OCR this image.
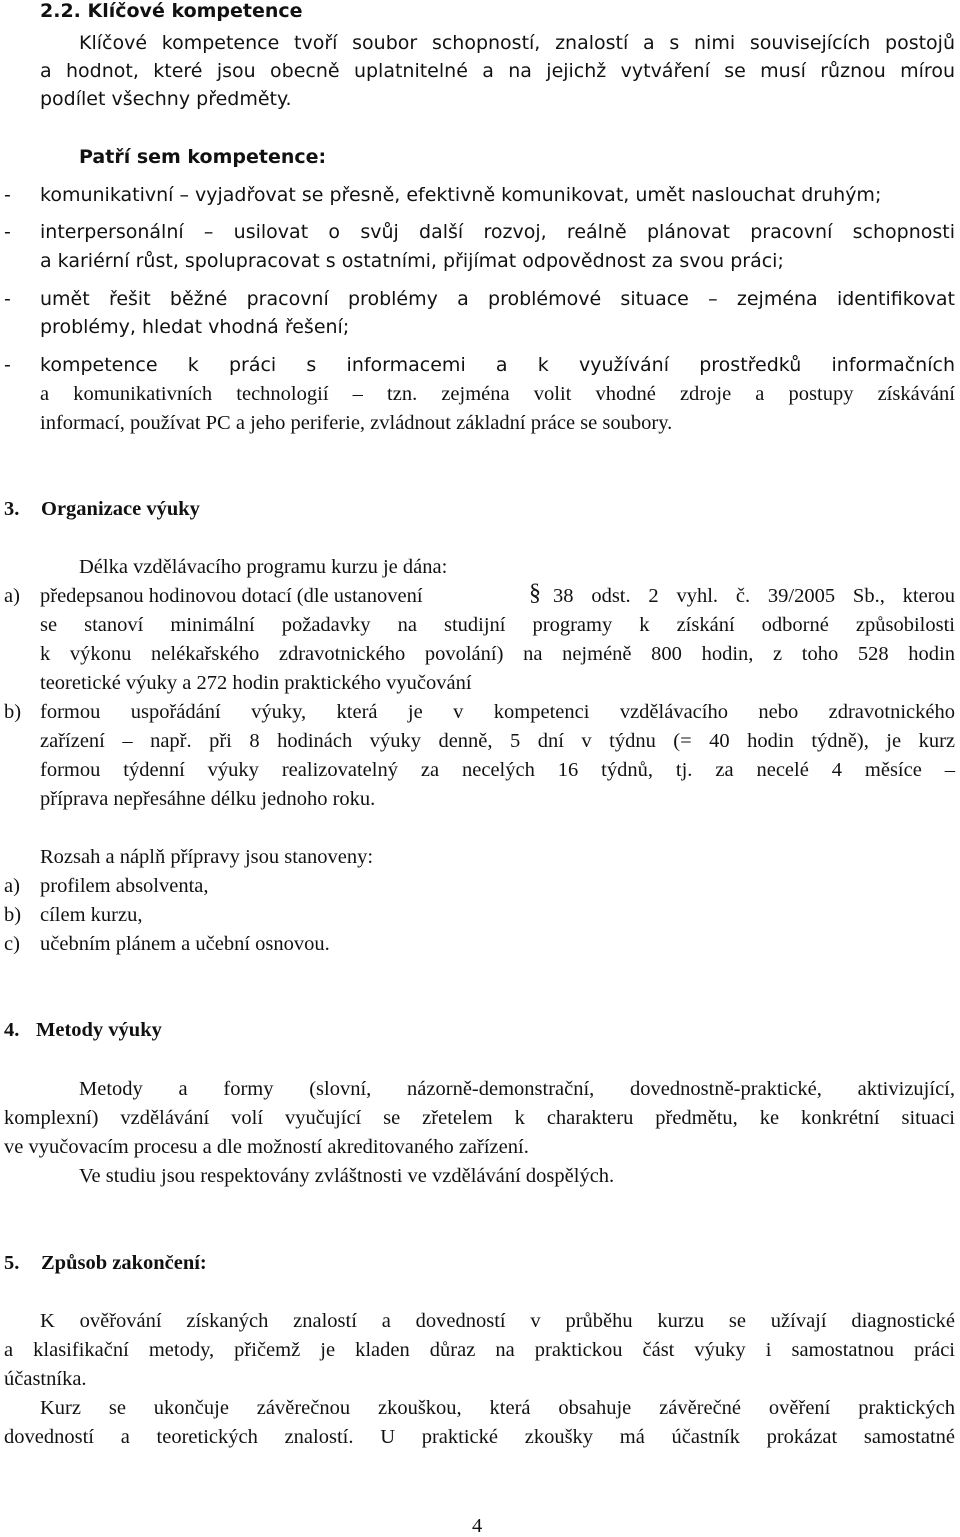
2.2. Klíčové kompetence
Klíčové kompetence tvoří soubor schopností, znalostí a s nimi souvisejících postojů
a hodnot, které jsou obecně uplatnitelné a na jejichž vytváření se musí různou mírou
podílet všechny předměty.
Patří sem kompetence:
- komunikativní – vyjadřovat se přesně, efektivně komunikovat, umět naslouchat druhým;
- interpersonální – usilovat o svůj další rozvoj, reálně plánovat pracovní schopnosti
a kariérní růst, spolupracovat s ostatními, přijímat odpovědnost za svou práci;
- umět řešit běžné pracovní problémy a problémové situace – zejména identifikovat
problémy, hledat vhodná řešení;
- kompetence k práci s informacemi a k využívání prostředků informačních
a komunikativních technologií – tzn. zejména volit vhodné zdroje a postupy získávání
informací, používat PC a jeho periferie, zvládnout základní práce se soubory.
3. Organizace výuky
Délka vzdělávacího programu kurzu je dána:
a) předepsanou hodinovou dotací (dle ustanovení	§ 38 odst. 2 vyhl. č. 39/2005 Sb., kterou
se stanoví minimální požadavky na studijní programy k získání odborné způsobilosti
k výkonu nelékařského zdravotnického povolání) na nejméně 800 hodin, z toho 528 hodin
teoretické výuky a 272 hodin praktického vyučování
b) formou uspořádání výuky, která je v kompetenci vzdělávacího nebo zdravotnického
zařízení – např. při 8 hodinách výuky denně, 5 dní v týdnu (= 40 hodin týdně), je kurz
formou týdenní výuky realizovatelný za necelých 16 týdnů, tj. za necelé 4 měsíce –
příprava nepřesáhne délku jednoho roku.
Rozsah a náplň přípravy jsou stanoveny:
a) profilem absolventa,
b) cílem kurzu,
c) učebním plánem a učební osnovou.
4. Metody výuky
Metody a formy (slovní, názorně-demonstrační, dovednostně-praktické, aktivizující,
komplexní) vzdělávání volí vyučující se zřetelem k charakteru předmětu, ke konkrétní situaci
ve vyučovacím procesu a dle možností akreditovaného zařízení.
Ve studiu jsou respektovány zvláštnosti ve vzdělávání dospělých.
5. Způsob zakončení:
K ověřování získaných znalostí a dovedností v průběhu kurzu se užívají diagnostické
a klasifikační metody, přičemž je kladen důraz na praktickou část výuky i samostatnou práci
účastníka.
Kurz se ukončuje závěrečnou zkouškou, která obsahuje závěrečné ověření praktických
dovedností a teoretických znalostí. U praktické zkoušky má účastník prokázat samostatné
4
